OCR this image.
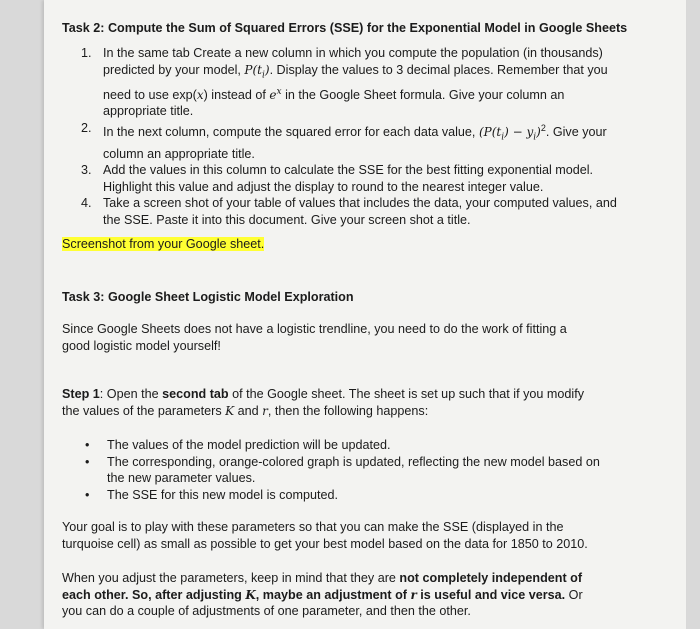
Task 2: Compute the Sum of Squared Errors (SSE) for the Exponential Model in Google Sheets
1. In the same tab Create a new column in which you compute the population (in thousands) predicted by your model, $P(t_i)$. Display the values to 3 decimal places. Remember that you need to use exp(x) instead of $e^x$ in the Google Sheet formula. Give your column an appropriate title.
2. In the next column, compute the squared error for each data value, $(P(t_i) - y_i)^2$. Give your column an appropriate title.
3. Add the values in this column to calculate the SSE for the best fitting exponential model. Highlight this value and adjust the display to round to the nearest integer value.
4. Take a screen shot of your table of values that includes the data, your computed values, and the SSE. Paste it into this document. Give your screen shot a title.
Screenshot from your Google sheet.
Task 3: Google Sheet Logistic Model Exploration
Since Google Sheets does not have a logistic trendline, you need to do the work of fitting a good logistic model yourself!
Step 1: Open the second tab of the Google sheet. The sheet is set up such that if you modify the values of the parameters K and r, then the following happens:
• The values of the model prediction will be updated.
• The corresponding, orange-colored graph is updated, reflecting the new model based on the new parameter values.
• The SSE for this new model is computed.
Your goal is to play with these parameters so that you can make the SSE (displayed in the turquoise cell) as small as possible to get your best model based on the data for 1850 to 2010.
When you adjust the parameters, keep in mind that they are not completely independent of each other. So, after adjusting K, maybe an adjustment of r is useful and vice versa. Or you can do a couple of adjustments of one parameter, and then the other.
